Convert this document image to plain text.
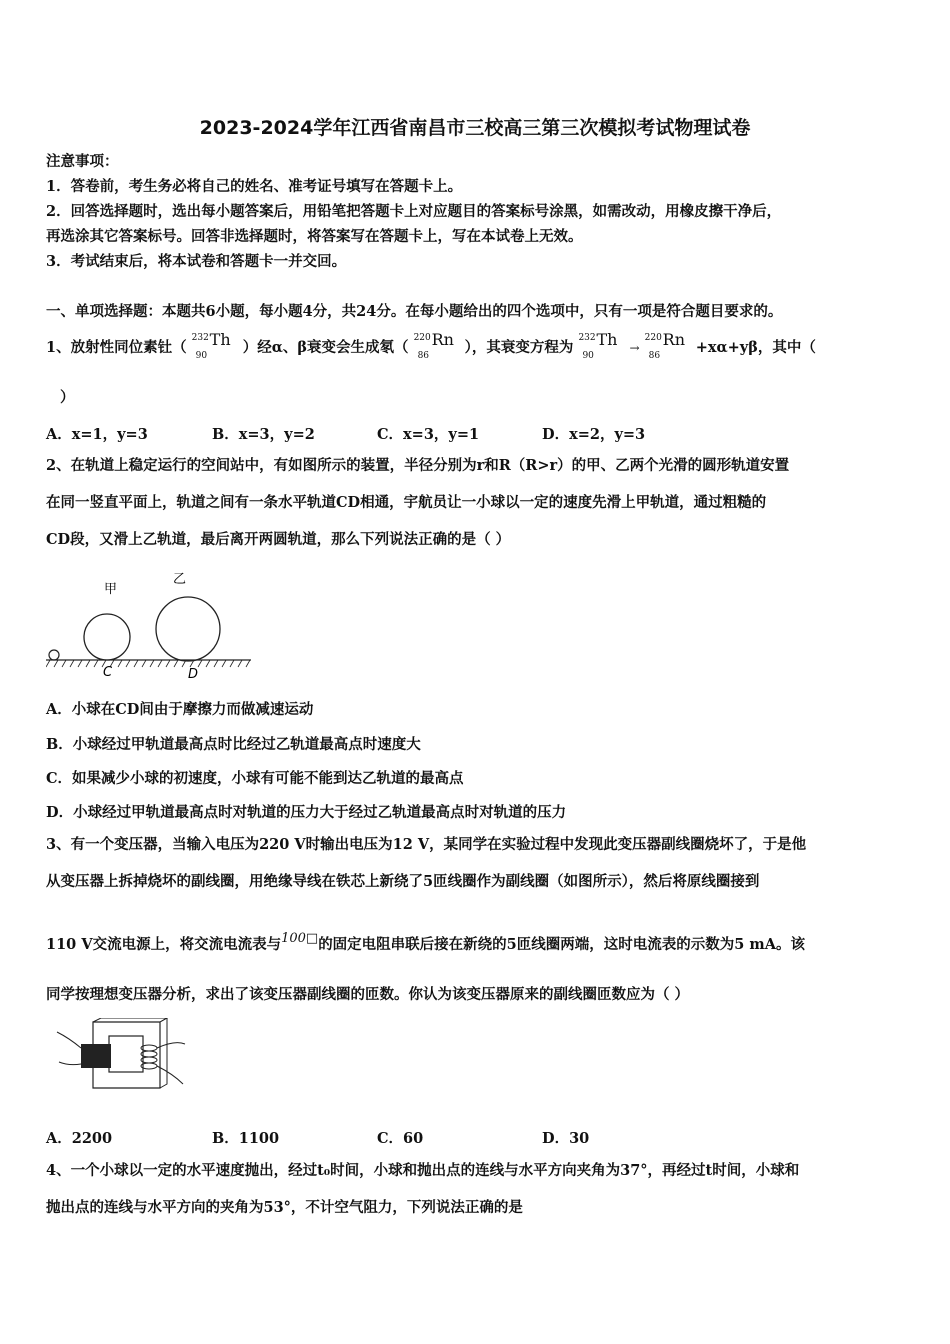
2023-2024学年江西省南昌市三校高三第三次模拟考试物理试卷
注意事项：
1．答卷前，考生务必将自己的姓名、准考证号填写在答题卡上。
2．回答选择题时，选出每小题答案后，用铅笔把答题卡上对应题目的答案标号涂黑，如需改动，用橡皮擦干净后，
再选涂其它答案标号。回答非选择题时，将答案写在答题卡上，写在本试卷上无效。
3．考试结束后，将本试卷和答题卡一并交回。
一、单项选择题：本题共6小题，每小题4分，共24分。在每小题给出的四个选项中，只有一项是符合题目要求的。
1、放射性同位素钍（
232
90
Th ）经α、β衰变会生成氡（
220
86
Rn ），其衰变方程为
232
90
Th →
220
86
Rn +xα+yβ，其中（
）
A．x=1，y=3	B．x=3，y=2	C．x=3，y=1	D．x=2，y=3
2、在轨道上稳定运行的空间站中，有如图所示的装置，半径分别为r和R（R>r）的甲、乙两个光滑的圆形轨道安置
在同一竖直平面上，轨道之间有一条水平轨道CD相通，宇航员让一小球以一定的速度先滑上甲轨道，通过粗糙的
CD段，又滑上乙轨道，最后离开两圆轨道，那么下列说法正确的是（ ）
甲
乙
C	D
A．小球在CD间由于摩擦力而做减速运动
B．小球经过甲轨道最高点时比经过乙轨道最高点时速度大
C．如果减少小球的初速度，小球有可能不能到达乙轨道的最高点
D．小球经过甲轨道最高点时对轨道的压力大于经过乙轨道最高点时对轨道的压力
3、有一个变压器，当输入电压为220 V时输出电压为12 V，某同学在实验过程中发现此变压器副线圈烧坏了，于是他
从变压器上拆掉烧坏的副线圈，用绝缘导线在铁芯上新绕了5匝线圈作为副线圈（如图所示），然后将原线圈接到
110 V交流电源上，将交流电流表与100□的固定电阻串联后接在新绕的5匝线圈两端，这时电流表的示数为5 mA。该
同学按理想变压器分析，求出了该变压器副线圈的匝数。你认为该变压器原来的副线圈匝数应为（ ）
A．2200	B．1100	C．60	D．30
4、一个小球以一定的水平速度抛出，经过t₀时间，小球和抛出点的连线与水平方向夹角为37°，再经过t时间，小球和
抛出点的连线与水平方向的夹角为53°，不计空气阻力，下列说法正确的是
